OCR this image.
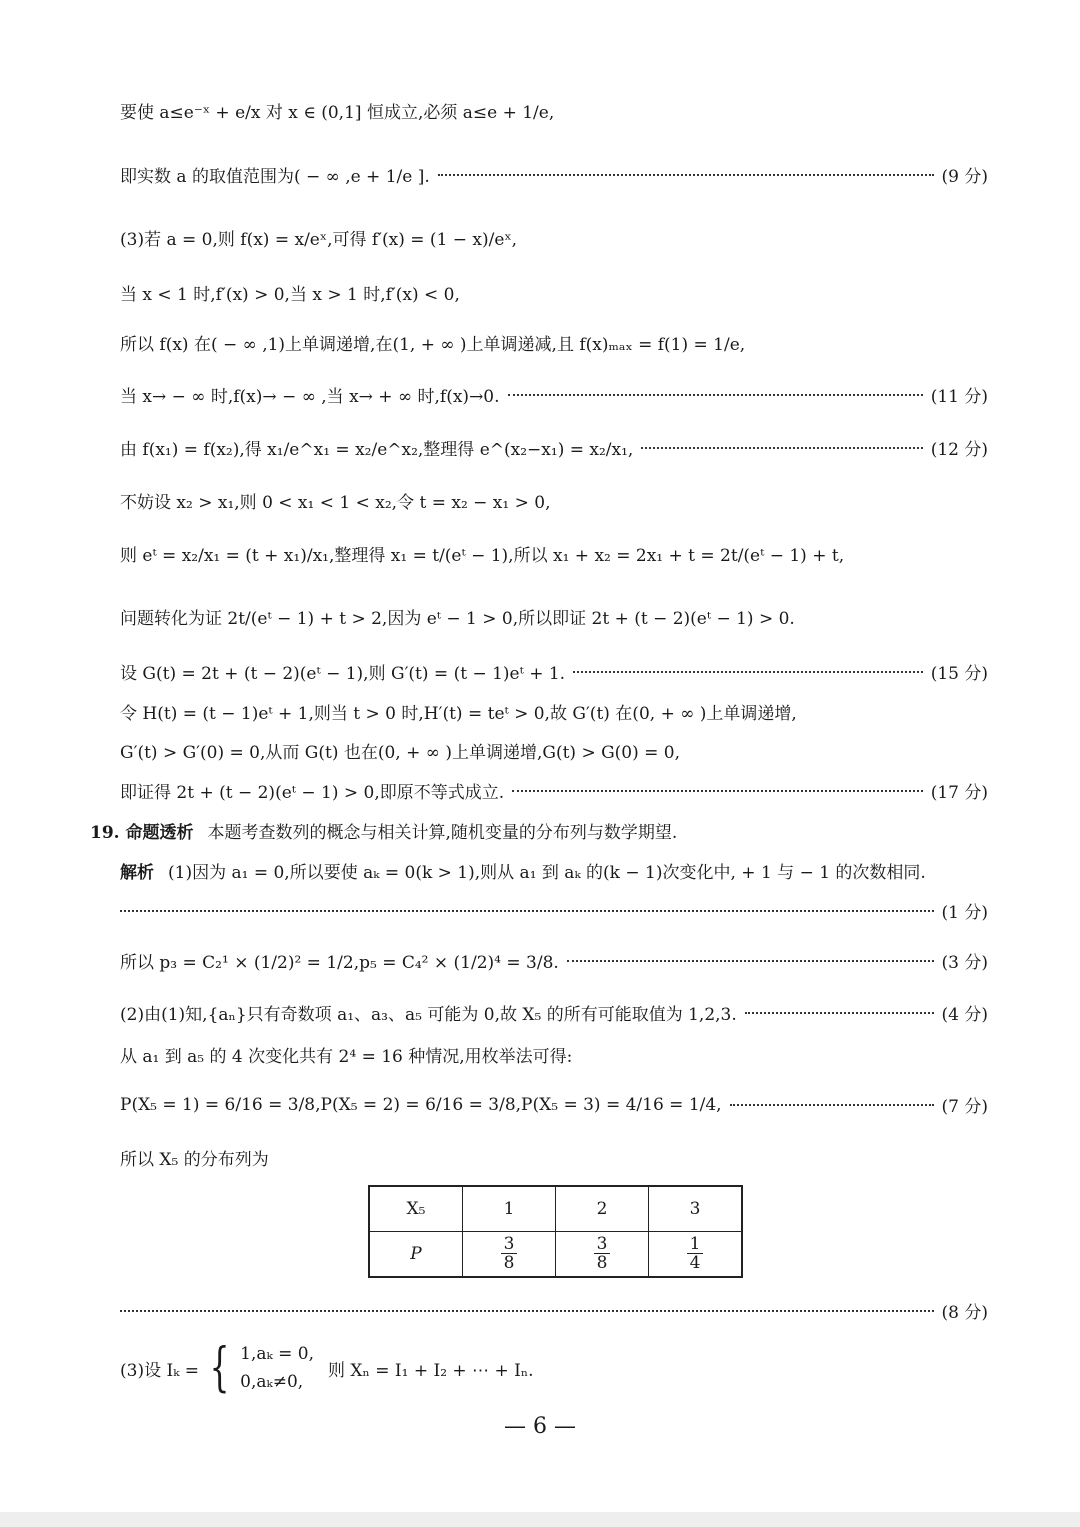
要使 a≤e⁻ˣ + e/x 对 x ∈ (0,1] 恒成立,必须 a≤e + 1/e,
即实数 a 的取值范围为( − ∞ ,e + 1/e ].	(9 分)
(3)若 a = 0,则 f(x) = x/eˣ,可得 f′(x) = (1 − x)/eˣ,
当 x < 1 时,f′(x) > 0,当 x > 1 时,f′(x) < 0,
所以 f(x) 在( − ∞ ,1)上单调递增,在(1, + ∞ )上单调递减,且 f(x)ₘₐₓ = f(1) = 1/e,
当 x→ − ∞ 时,f(x)→ − ∞ ,当 x→ + ∞ 时,f(x)→0.	(11 分)
由 f(x₁) = f(x₂),得 x₁/e^x₁ = x₂/e^x₂,整理得 e^(x₂−x₁) = x₂/x₁,	(12 分)
不妨设 x₂ > x₁,则 0 < x₁ < 1 < x₂,令 t = x₂ − x₁ > 0,
则 eᵗ = x₂/x₁ = (t + x₁)/x₁,整理得 x₁ = t/(eᵗ − 1),所以 x₁ + x₂ = 2x₁ + t = 2t/(eᵗ − 1) + t,
问题转化为证 2t/(eᵗ − 1) + t > 2,因为 eᵗ − 1 > 0,所以即证 2t + (t − 2)(eᵗ − 1) > 0.
设 G(t) = 2t + (t − 2)(eᵗ − 1),则 G′(t) = (t − 1)eᵗ + 1.	(15 分)
令 H(t) = (t − 1)eᵗ + 1,则当 t > 0 时,H′(t) = teᵗ > 0,故 G′(t) 在(0, + ∞ )上单调递增,
G′(t) > G′(0) = 0,从而 G(t) 也在(0, + ∞ )上单调递增,G(t) > G(0) = 0,
即证得 2t + (t − 2)(eᵗ − 1) > 0,即原不等式成立.	(17 分)
19. 命题透析 本题考查数列的概念与相关计算,随机变量的分布列与数学期望.
解析 (1)因为 a₁ = 0,所以要使 aₖ = 0(k > 1),则从 a₁ 到 aₖ 的(k − 1)次变化中, + 1 与 − 1 的次数相同.
(1 分)
所以 p₃ = C₂¹ × (1/2)² = 1/2,p₅ = C₄² × (1/2)⁴ = 3/8.	(3 分)
(2)由(1)知,{aₙ}只有奇数项 a₁、a₃、a₅ 可能为 0,故 X₅ 的所有可能取值为 1,2,3.	(4 分)
从 a₁ 到 a₅ 的 4 次变化共有 2⁴ = 16 种情况,用枚举法可得:
P(X₅ = 1) = 6/16 = 3/8,P(X₅ = 2) = 6/16 = 3/8,P(X₅ = 3) = 4/16 = 1/4,	(7 分)
所以 X₅ 的分布列为
X₅	1	2	3
P	$\frac{3}{8}$	$\frac{3}{8}$	$\frac{1}{4}$
(8 分)
(3)设 Iₖ = { 1,aₖ = 0,
0,aₖ≠0,
则 Xₙ = I₁ + I₂ + ⋯ + Iₙ.
— 6 —
